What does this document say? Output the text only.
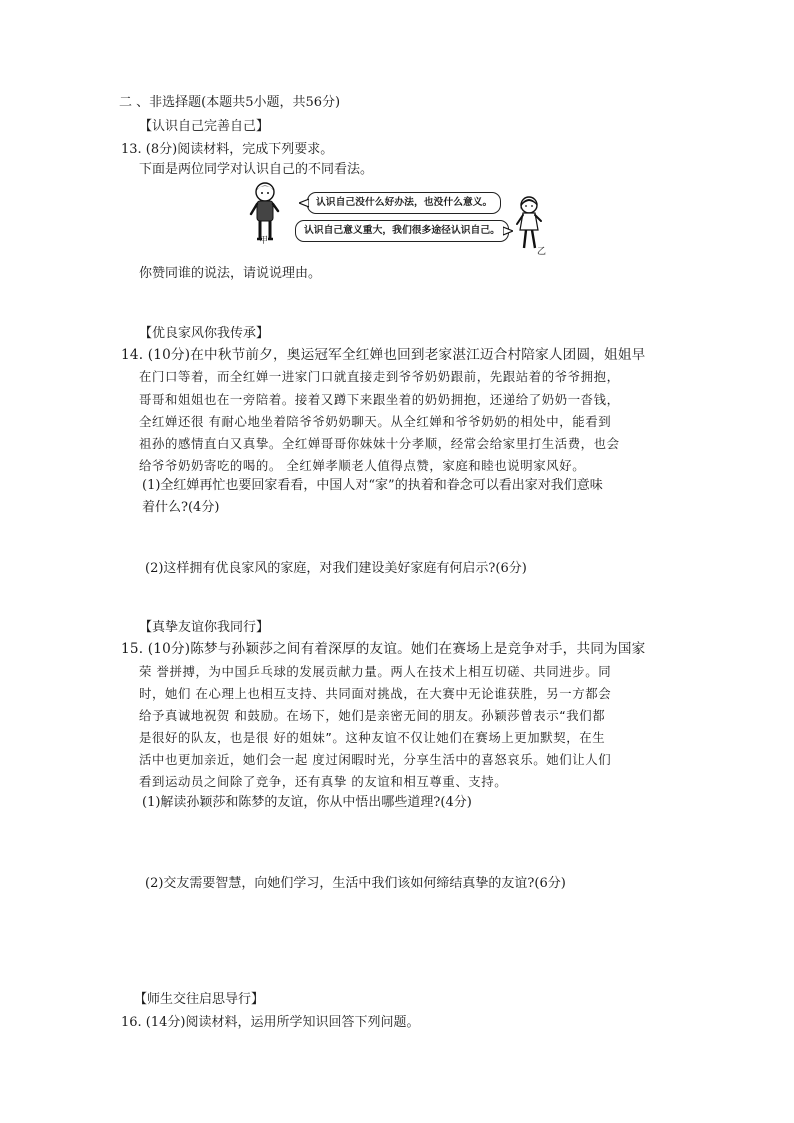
二 、非选择题(本题共5小题，共56分)
【认识自己完善自己】
13. (8分)阅读材料，完成下列要求。
下面是两位同学对认识自己的不同看法。
甲
认识自己没什么好办法，也没什么意义。
认识自己意义重大，我们很多途径认识自己。
乙
你赞同谁的说法，请说说理由。
【优良家风你我传承】
14. (10分)在中秋节前夕，奥运冠军全红婵也回到老家湛江迈合村陪家人团圆，姐姐早
在门口等着，而全红婵一进家门口就直接走到爷爷奶奶跟前，先跟站着的爷爷拥抱，
哥哥和姐姐也在一旁陪着。接着又蹲下来跟坐着的奶奶拥抱，还递给了奶奶一沓钱，
全红婵还很 有耐心地坐着陪爷爷奶奶聊天。从全红婵和爷爷奶奶的相处中，能看到
祖孙的感情直白又真挚。全红婵哥哥你妹妹十分孝顺，经常会给家里打生活费，也会
给爷爷奶奶寄吃的喝的。 全红婵孝顺老人值得点赞，家庭和睦也说明家风好。
(1)全红婵再忙也要回家看看，中国人对“家”的执着和眷念可以看出家对我们意味
着什么?(4分)
(2)这样拥有优良家风的家庭，对我们建设美好家庭有何启示?(6分)
【真挚友谊你我同行】
15. (10分)陈梦与孙颖莎之间有着深厚的友谊。她们在赛场上是竞争对手，共同为国家
荣 誉拼搏，为中国乒乓球的发展贡献力量。两人在技术上相互切磋、共同进步。同
时，她们 在心理上也相互支持、共同面对挑战，在大赛中无论谁获胜，另一方都会
给予真诚地祝贺 和鼓励。在场下，她们是亲密无间的朋友。孙颖莎曾表示“我们都
是很好的队友，也是很 好的姐妹”。这种友谊不仅让她们在赛场上更加默契，在生
活中也更加亲近，她们会一起 度过闲暇时光，分享生活中的喜怒哀乐。她们让人们
看到运动员之间除了竞争，还有真挚 的友谊和相互尊重、支持。
(1)解读孙颖莎和陈梦的友谊，你从中悟出哪些道理?(4分)
(2)交友需要智慧，向她们学习，生活中我们该如何缔结真挚的友谊?(6分)
【师生交往启思导行】
16. (14分)阅读材料，运用所学知识回答下列问题。
